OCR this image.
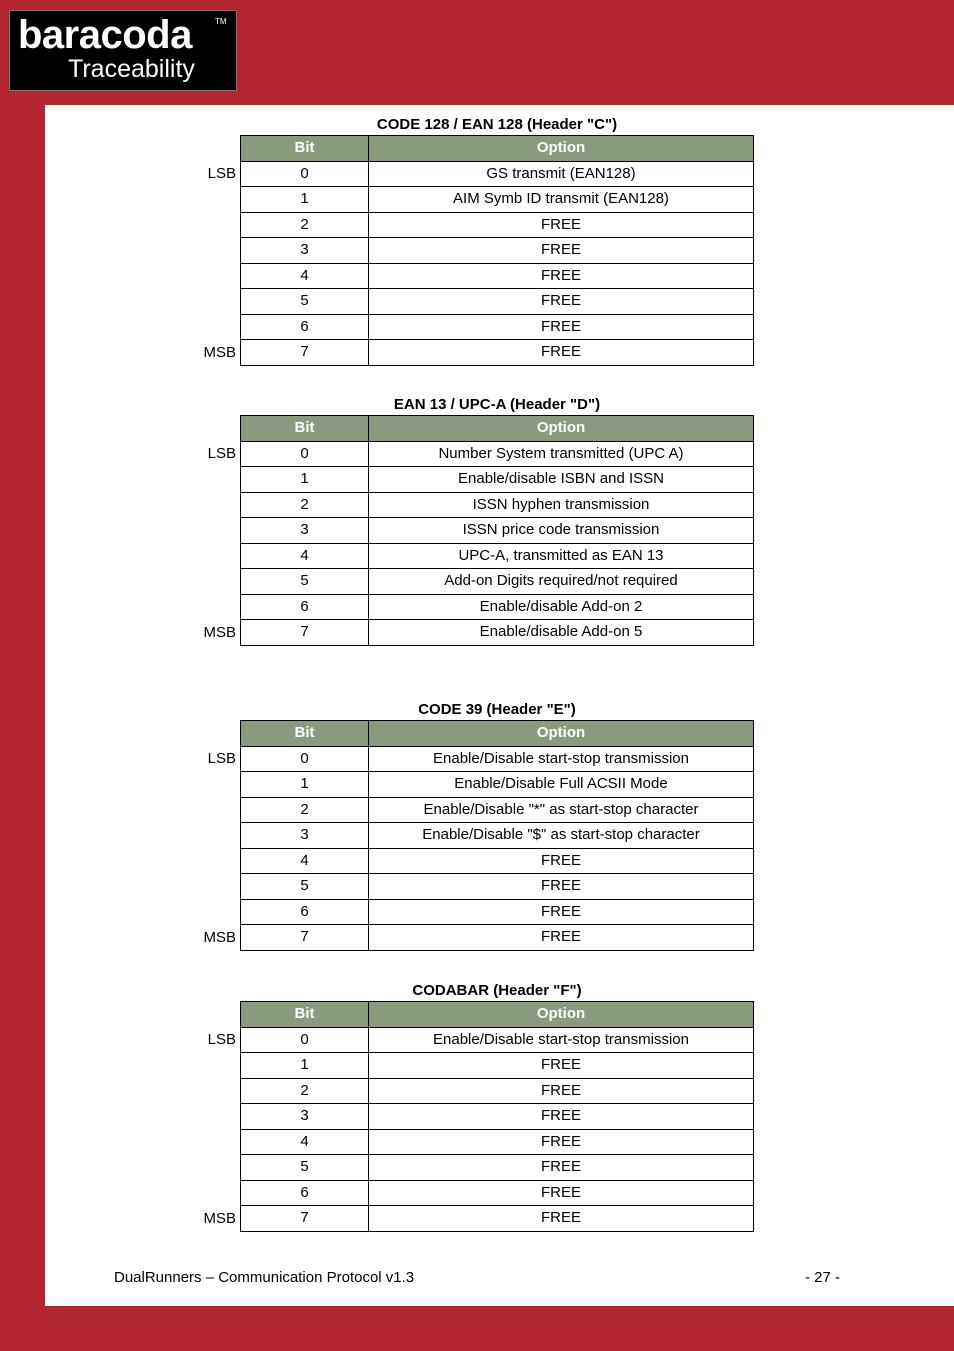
baracoda	TM
Traceability
CODE 128 / EAN 128 (Header "C")
Bit	Option
0	GS transmit (EAN128)
1	AIM Symb ID transmit (EAN128)
2	FREE
3	FREE
4	FREE
5	FREE
6	FREE
7	FREE
LSB
MSB
EAN 13 / UPC-A (Header "D")
Bit	Option
0	Number System transmitted (UPC A)
1	Enable/disable ISBN and ISSN
2	ISSN hyphen transmission
3	ISSN price code transmission
4	UPC-A, transmitted as EAN 13
5	Add-on Digits required/not required
6	Enable/disable Add-on 2
7	Enable/disable Add-on 5
LSB
MSB
CODE 39 (Header "E")
Bit	Option
0	Enable/Disable start-stop transmission
1	Enable/Disable Full ACSII Mode
2	Enable/Disable "*" as start-stop character
3	Enable/Disable "$" as start-stop character
4	FREE
5	FREE
6	FREE
7	FREE
LSB
MSB
CODABAR (Header "F")
Bit	Option
0	Enable/Disable start-stop transmission
1	FREE
2	FREE
3	FREE
4	FREE
5	FREE
6	FREE
7	FREE
LSB
MSB
DualRunners – Communication Protocol v1.3	- 27 -
